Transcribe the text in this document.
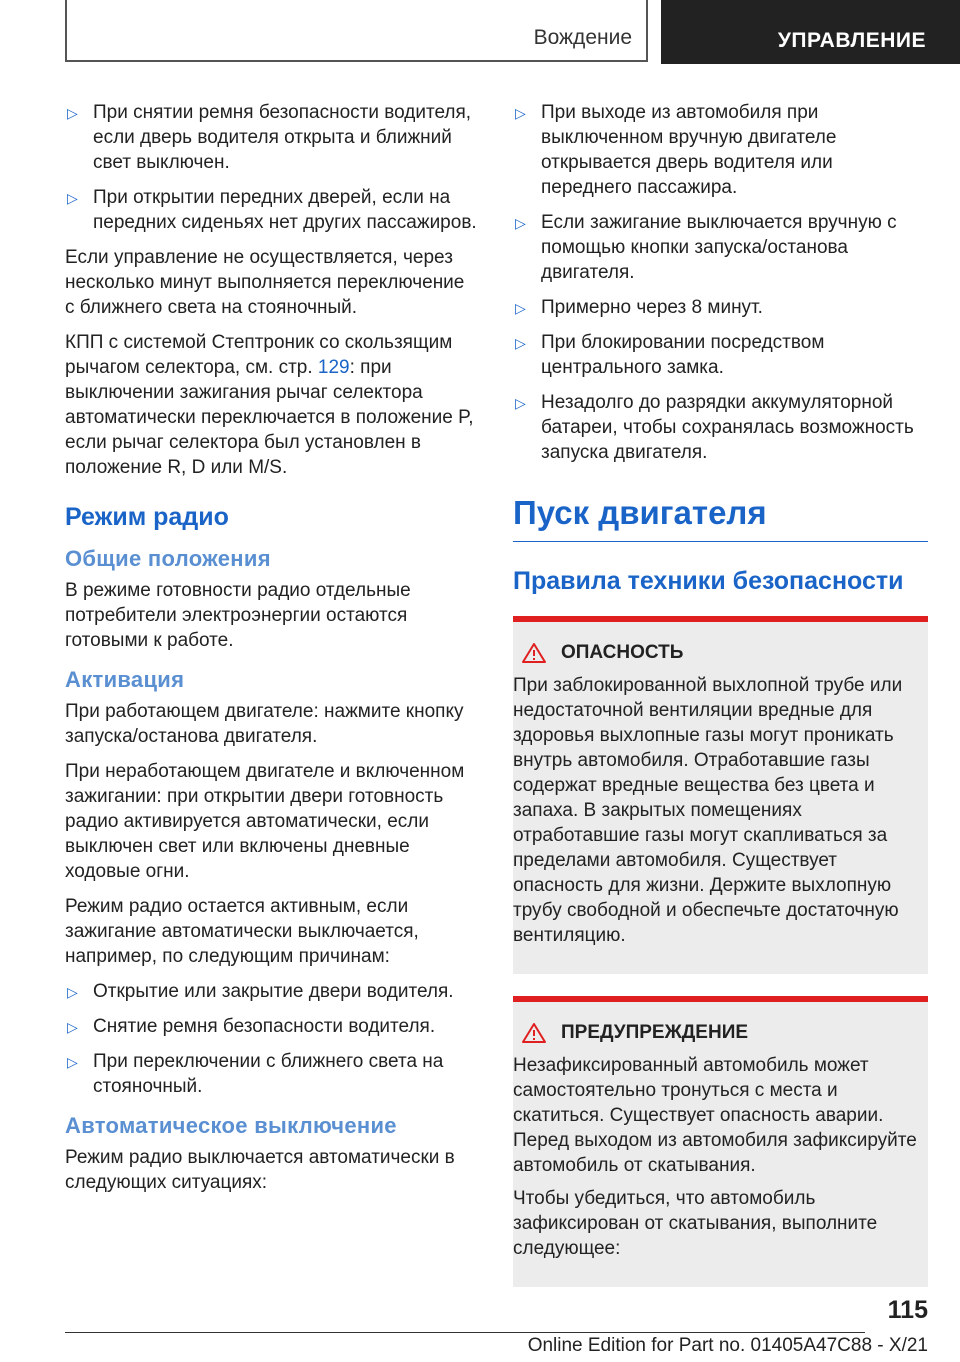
Вождение	УПРАВЛЕНИЕ
▷ При снятии ремня безопасности водителя, если дверь водителя открыта и ближний свет выключен.
▷ При открытии передних дверей, если на передних сиденьях нет других пассажиров.

Если управление не осуществляется, через несколько минут выполняется переключение с ближнего света на стояночный.

КПП с системой Стептроник со скользящим рычагом селектора, см. стр. 129: при выключении зажигания рычаг селектора автоматически переключается в положение P, если рычаг селектора был установлен в положение R, D или M/S.

Режим радио
Общие положения

В режиме готовности радио отдельные потребители электроэнергии остаются готовыми к работе.

Активация

При работающем двигателе: нажмите кнопку запуска/останова двигателя.

При неработающем двигателе и включенном зажигании: при открытии двери готовность радио активируется автоматически, если выключен свет или включены дневные ходовые огни.

Режим радио остается активным, если зажигание автоматически выключается, например, по следующим причинам:

▷ Открытие или закрытие двери водителя.
▷ Снятие ремня безопасности водителя.
▷ При переключении с ближнего света на стояночный.
Автоматическое выключение

Режим радио выключается автоматически в следующих ситуациях:

▷ При выходе из автомобиля при выключенном вручную двигателе открывается дверь водителя или переднего пассажира.
▷ Если зажигание выключается вручную с помощью кнопки запуска/останова двигателя.
▷ Примерно через 8 минут.
▷ При блокировании посредством центрального замка.
▷ Незадолго до разрядки аккумуляторной батареи, чтобы сохранялась возможность запуска двигателя.
Пуск двигателя
Правила техники безопасности
ОПАСНОСТЬ

При заблокированной выхлопной трубе или недостаточной вентиляции вредные для здоровья выхлопные газы могут проникать внутрь автомобиля. Отработавшие газы содержат вредные вещества без цвета и запаха. В закрытых помещениях отработавшие газы могут скапливаться за пределами автомобиля. Существует опасность для жизни. Держите выхлопную трубу свободной и обеспечьте достаточную вентиляцию.

ПРЕДУПРЕЖДЕНИЕ

Незафиксированный автомобиль может самостоятельно тронуться с места и скатиться. Существует опасность аварии. Перед выходом из автомобиля зафиксируйте автомобиль от скатывания.

Чтобы убедиться, что автомобиль зафиксирован от скатывания, выполните следующее:

115
Online Edition for Part no. 01405A47C88 - X/21
